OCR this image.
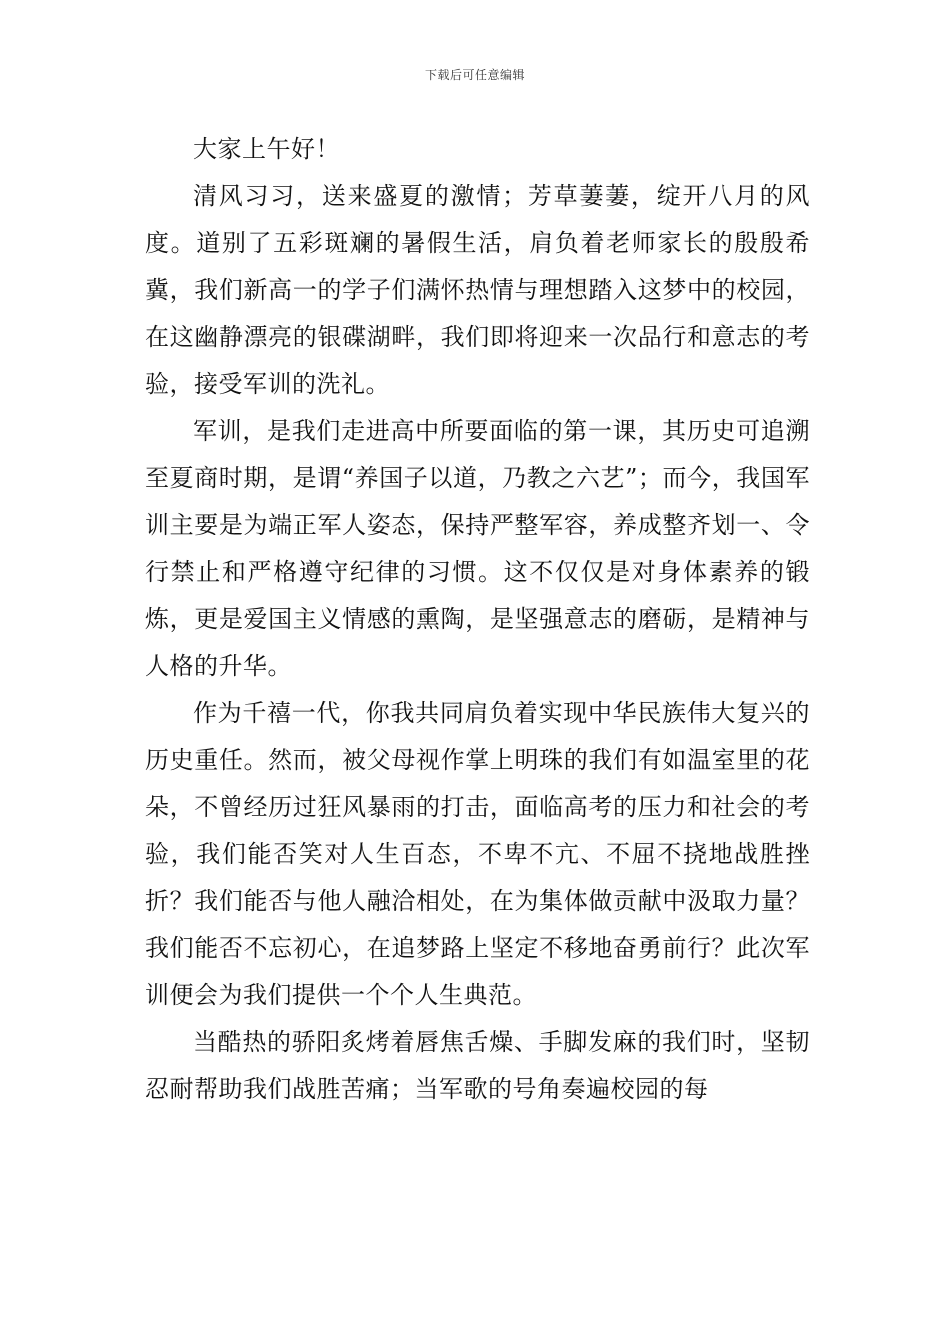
下载后可任意编辑

大家上午好！

清风习习，送来盛夏的激情；芳草萋萋，绽开八月的风度。道别了五彩斑斓的暑假生活，肩负着老师家长的殷殷希冀，我们新高一的学子们满怀热情与理想踏入这梦中的校园，在这幽静漂亮的银碟湖畔，我们即将迎来一次品行和意志的考验，接受军训的洗礼。

军训，是我们走进高中所要面临的第一课，其历史可追溯至夏商时期，是谓“养国子以道，乃教之六艺”；而今，我国军训主要是为端正军人姿态，保持严整军容，养成整齐划一、令行禁止和严格遵守纪律的习惯。这不仅仅是对身体素养的锻炼，更是爱国主义情感的熏陶，是坚强意志的磨砺，是精神与人格的升华。

作为千禧一代，你我共同肩负着实现中华民族伟大复兴的历史重任。然而，被父母视作掌上明珠的我们有如温室里的花朵，不曾经历过狂风暴雨的打击，面临高考的压力和社会的考验，我们能否笑对人生百态，不卑不亢、不屈不挠地战胜挫折？我们能否与他人融洽相处，在为集体做贡献中汲取力量？我们能否不忘初心，在追梦路上坚定不移地奋勇前行？此次军训便会为我们提供一个个人生典范。

当酷热的骄阳炙烤着唇焦舌燥、手脚发麻的我们时，坚韧忍耐帮助我们战胜苦痛；当军歌的号角奏遍校园的每
